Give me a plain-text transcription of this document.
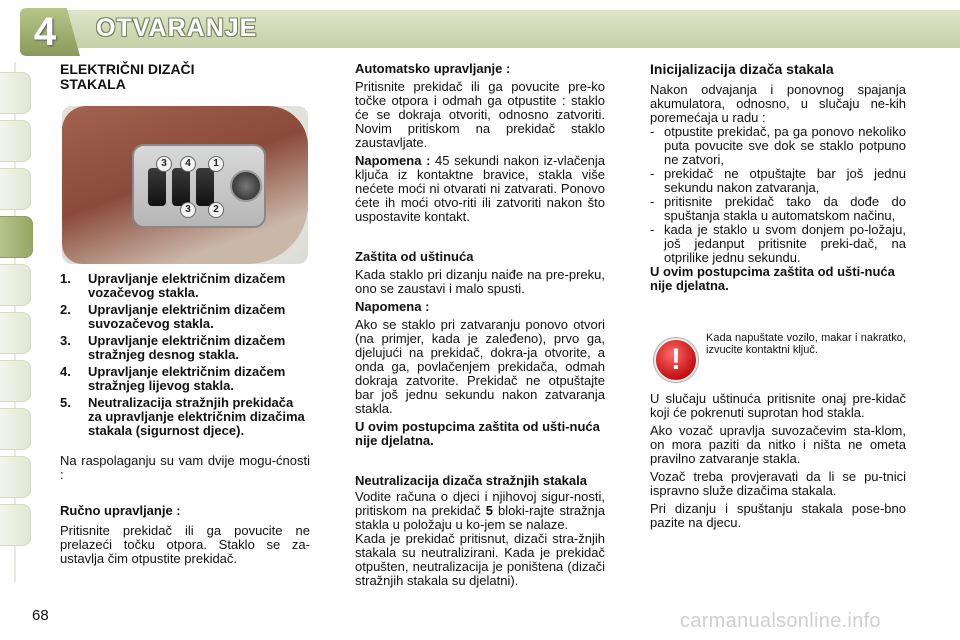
4 OTVARANJE
ELEKTRIČNI DIZAČI STAKALA
3	4	1
3	2
1. Upravljanje električnim dizačem vozačevog stakla.
2. Upravljanje električnim dizačem suvozačevog stakla.
3. Upravljanje električnim dizačem stražnjeg desnog stakla.
4. Upravljanje električnim dizačem stražnjeg lijevog stakla.
5. Neutralizacija stražnjih prekidača za upravljanje električnim dizačima stakala (sigurnost djece).

Na raspolaganju su vam dvije mogu-ćnosti :

Ručno upravljanje :

Pritisnite prekidač ili ga povucite ne prelazeći točku otpora. Staklo se za-ustavlja čim otpustite prekidač.

Automatsko upravljanje :

Pritisnite prekidač ili ga povucite pre-ko točke otpora i odmah ga otpustite : staklo će se dokraja otvoriti, odnosno zatvoriti. Novim pritiskom na prekidač staklo zaustavljate.

Napomena : 45 sekundi nakon iz-vlačenja ključa iz kontaktne bravice, stakla više nećete moći ni otvarati ni zatvarati. Ponovo ćete ih moći otvo-riti ili zatvoriti nakon što uspostavite kontakt.

Zaštita od uštinuća

Kada staklo pri dizanju naiđe na pre-preku, ono se zaustavi i malo spusti.

Napomena :

Ako se staklo pri zatvaranju ponovo otvori (na primjer, kada je zaleđeno), prvo ga, djelujući na prekidač, dokra-ja otvorite, a onda ga, povlačenjem prekidača, odmah dokraja zatvorite. Prekidač ne otpuštajte bar još jednu sekundu nakon zatvaranja stakla.

U ovim postupcima zaštita od ušti-nuća nije djelatna.

Neutralizacija dizača stražnjih stakala

Vodite računa o djeci i njihovoj sigur-nosti, pritiskom na prekidač 5 bloki-rajte stražnja stakla u položaju u ko-jem se nalaze.

Kada je prekidač pritisnut, dizači stra-žnjih stakala su neutralizirani. Kada je prekidač otpušten, neutralizacija je poništena (dizači stražnjih stakala su djelatni).

Inicijalizacija dizača stakala

Nakon odvajanja i ponovnog spajanja akumulatora, odnosno, u slučaju ne-kih poremećaja u radu :

- otpustite prekidač, pa ga ponovo nekoliko puta povucite sve dok se staklo potpuno ne zatvori,
- prekidač ne otpuštajte bar još jednu sekundu nakon zatvaranja,
- pritisnite prekidač tako da dođe do spuštanja stakla u automatskom načinu,
- kada je staklo u svom donjem po-ložaju, još jedanput pritisnite preki-dač, na otprilike jednu sekundu.

U ovim postupcima zaštita od ušti-nuća nije djelatna.

!
Kada napuštate vozilo, makar i nakratko, izvucite kontaktni ključ.

U slučaju uštinuća pritisnite onaj pre-kidač koji će pokrenuti suprotan hod stakla.

Ako vozač upravlja suvozačevim sta-klom, on mora paziti da nitko i ništa ne ometa pravilno zatvaranje stakla.

Vozač treba provjeravati da li se pu-tnici ispravno služe dizačima stakala.

Pri dizanju i spuštanju stakala pose-bno pazite na djecu.

68	carmanualsonline.info
